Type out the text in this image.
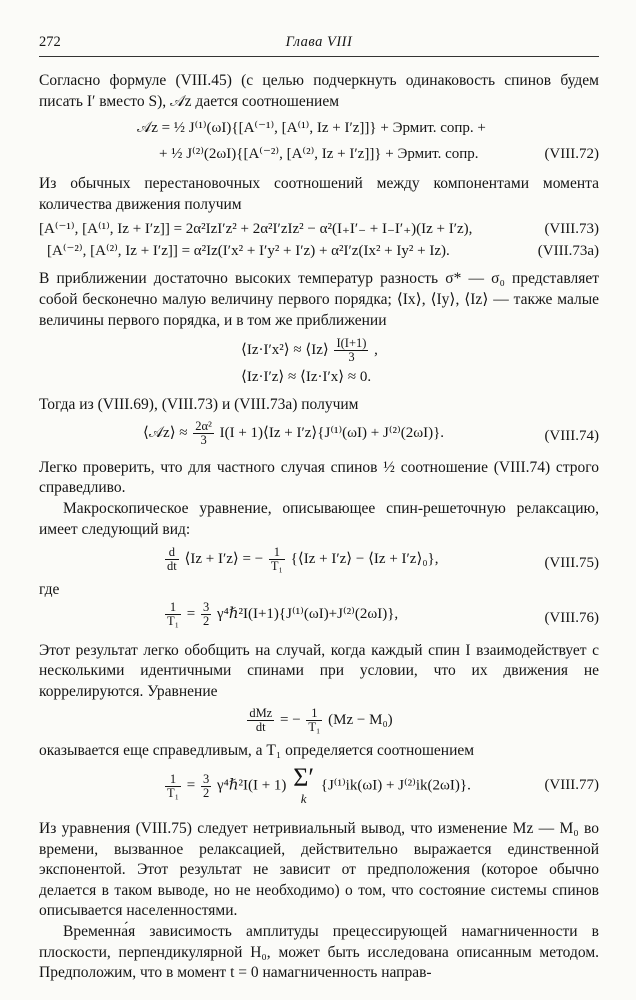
272	Глава VIII

Согласно формуле (VIII.45) (с целью подчеркнуть одинаковость спинов будем писать I′ вместо S), 𝒜z дается соотношением

𝒜z = ½ J⁽¹⁾(ωI){[A⁽⁻¹⁾, [A⁽¹⁾, Iz + I′z]]} + Эрмит. сопр. +
+ ½ J⁽²⁾(2ωI){[A⁽⁻²⁾, [A⁽²⁾, Iz + I′z]]} + Эрмит. сопр.	(VIII.72)

Из обычных перестановочных соотношений между компонентами момента количества движения получим

[A⁽⁻¹⁾, [A⁽¹⁾, Iz + I′z]] = 2α²IzI′z² + 2α²I′zIz² − α²(I₊I′₋ + I₋I′₊)(Iz + I′z),	(VIII.73)
[A⁽⁻²⁾, [A⁽²⁾, Iz + I′z]] = α²Iz(I′x² + I′y² + I′z) + α²I′z(Ix² + Iy² + Iz).	(VIII.73a)

В приближении достаточно высоких температур разность σ* — σ₀ представляет собой бесконечно малую величину первого порядка; ⟨Ix⟩, ⟨Iy⟩, ⟨Iz⟩ — также малые величины первого порядка, и в том же приближении

⟨Iz·I′x²⟩ ≈ ⟨Iz⟩ $\frac{I(I+1)}{3}$ ,
⟨Iz·I′z⟩ ≈ ⟨Iz·I′x⟩ ≈ 0.

Тогда из (VIII.69), (VIII.73) и (VIII.73a) получим

⟨𝒜z⟩ ≈ $\frac{\text{2α²}}{3} I(I$ + 1)⟨Iz + I′z⟩{J⁽¹⁾(ωI) + J⁽²⁾(2ωI)}.	(VIII.74)

Легко проверить, что для частного случая спинов ½ соотношение (VIII.74) строго справедливо.

Макроскопическое уравнение, описывающее спин-решеточную релаксацию, имеет следующий вид:

$\frac{d}{dt}$ ⟨Iz + I′z⟩ = − $\frac{1}{\text{T₁}}$ {⟨Iz + I′z⟩ − ⟨Iz + I′z⟩₀},	(VIII.75)

где

$\frac{1}{\text{T₁}} = \frac{3}{2}$ γ⁴ℏ²I(I+1){J⁽¹⁾(ωI)+J⁽²⁾(2ωI)},	(VIII.76)

Этот результат легко обобщить на случай, когда каждый спин I взаимодействует с несколькими идентичными спинами при условии, что их движения не коррелируются. Уравнение

$\frac{\text{dMz}}{dt}$ = − $\frac{1}{\text{T₁}} (Mz - M_0)$

оказывается еще справедливым, а T₁ определяется соотношением

$\frac{1}{\text{T₁}} = \frac{3}{2}$ γ⁴ℏ²I(I + 1) Σ′
k
{J⁽¹⁾ik(ωI) + J⁽²⁾ik(2ωI)}.	(VIII.77)

Из уравнения (VIII.75) следует нетривиальный вывод, что изменение Mz — M₀ во времени, вызванное релаксацией, действительно выражается единственной экспонентой. Этот результат не зависит от предположения (которое обычно делается в таком выводе, но не необходимо) о том, что состояние системы спинов описывается населенностями.

Временна́я зависимость амплитуды прецессирующей намагниченности в плоскости, перпендикулярной H₀, может быть исследована описанным методом. Предположим, что в момент t = 0 намагниченность направ-
